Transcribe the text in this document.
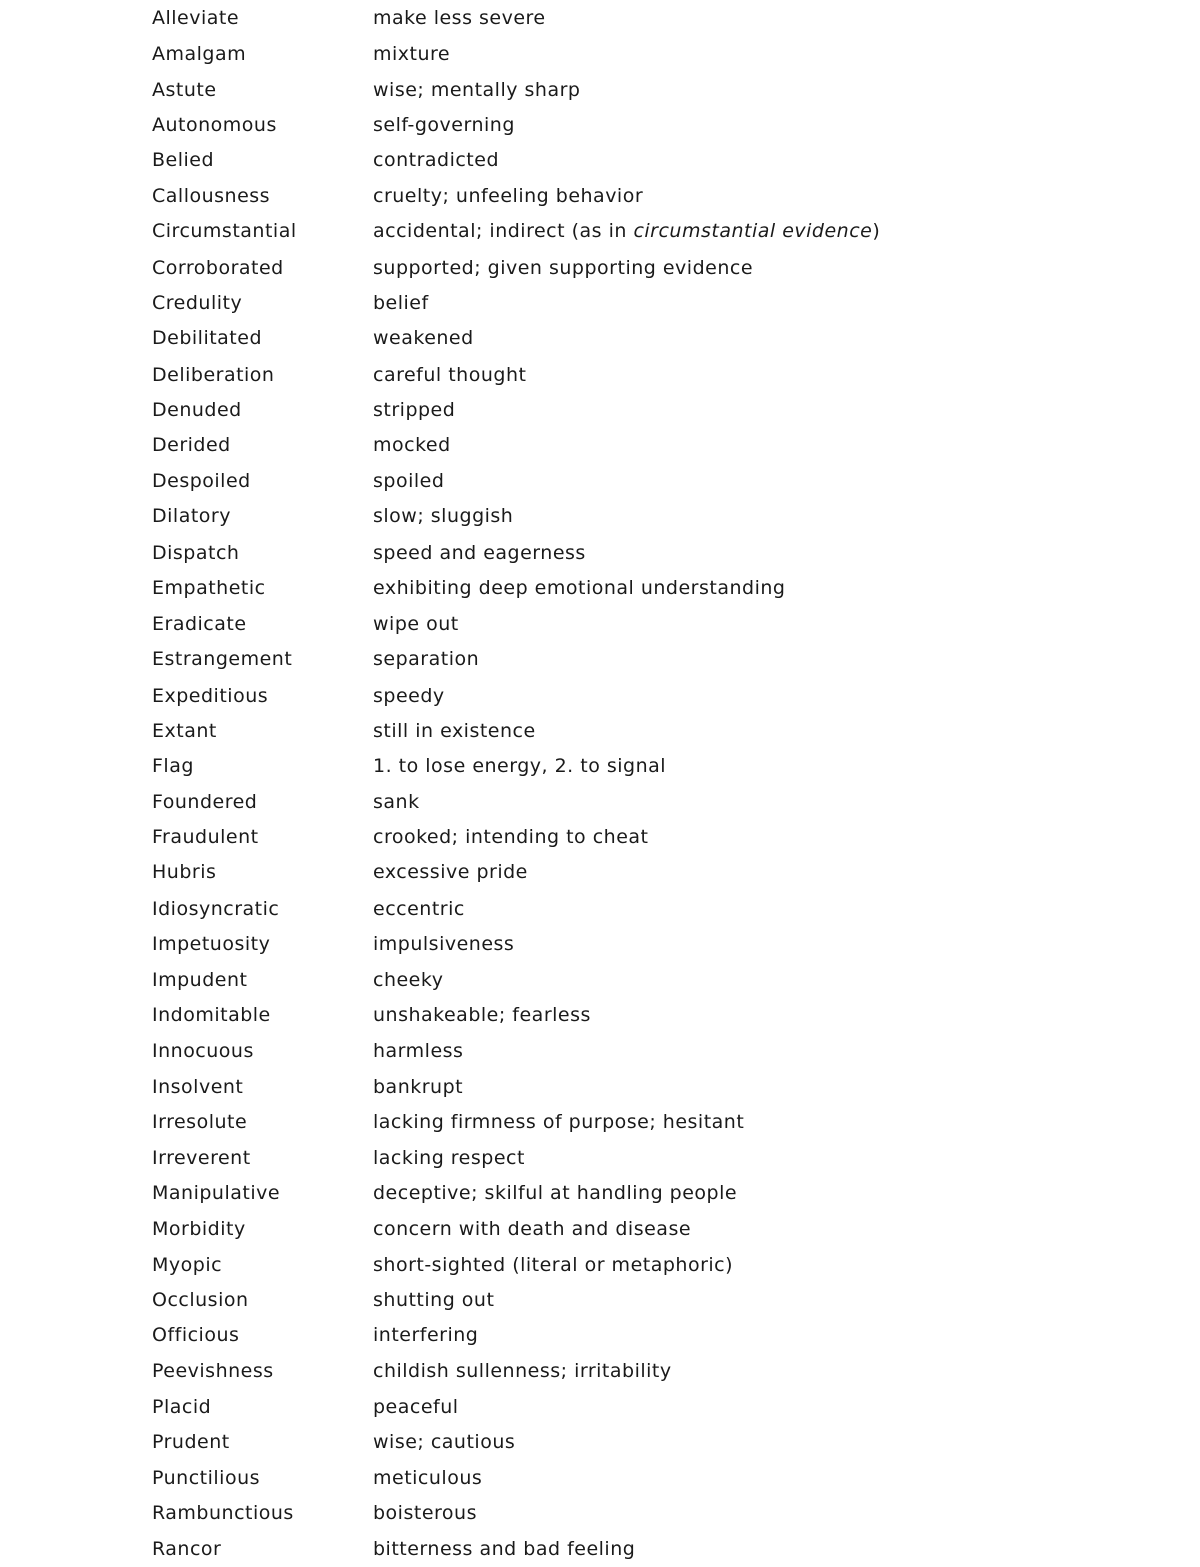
Alleviate	make less severe
Amalgam	mixture
Astute	wise; mentally sharp
Autonomous	self-governing
Belied	contradicted
Callousness	cruelty; unfeeling behavior
Circumstantial	accidental; indirect (as in circumstantial evidence)
Corroborated	supported; given supporting evidence
Credulity	belief
Debilitated	weakened
Deliberation	careful thought
Denuded	stripped
Derided	mocked
Despoiled	spoiled
Dilatory	slow; sluggish
Dispatch	speed and eagerness
Empathetic	exhibiting deep emotional understanding
Eradicate	wipe out
Estrangement	separation
Expeditious	speedy
Extant	still in existence
Flag	1. to lose energy, 2. to signal
Foundered	sank
Fraudulent	crooked; intending to cheat
Hubris	excessive pride
Idiosyncratic	eccentric
Impetuosity	impulsiveness
Impudent	cheeky
Indomitable	unshakeable; fearless
Innocuous	harmless
Insolvent	bankrupt
Irresolute	lacking firmness of purpose; hesitant
Irreverent	lacking respect
Manipulative	deceptive; skilful at handling people
Morbidity	concern with death and disease
Myopic	short-sighted (literal or metaphoric)
Occlusion	shutting out
Officious	interfering
Peevishness	childish sullenness; irritability
Placid	peaceful
Prudent	wise; cautious
Punctilious	meticulous
Rambunctious	boisterous
Rancor	bitterness and bad feeling
